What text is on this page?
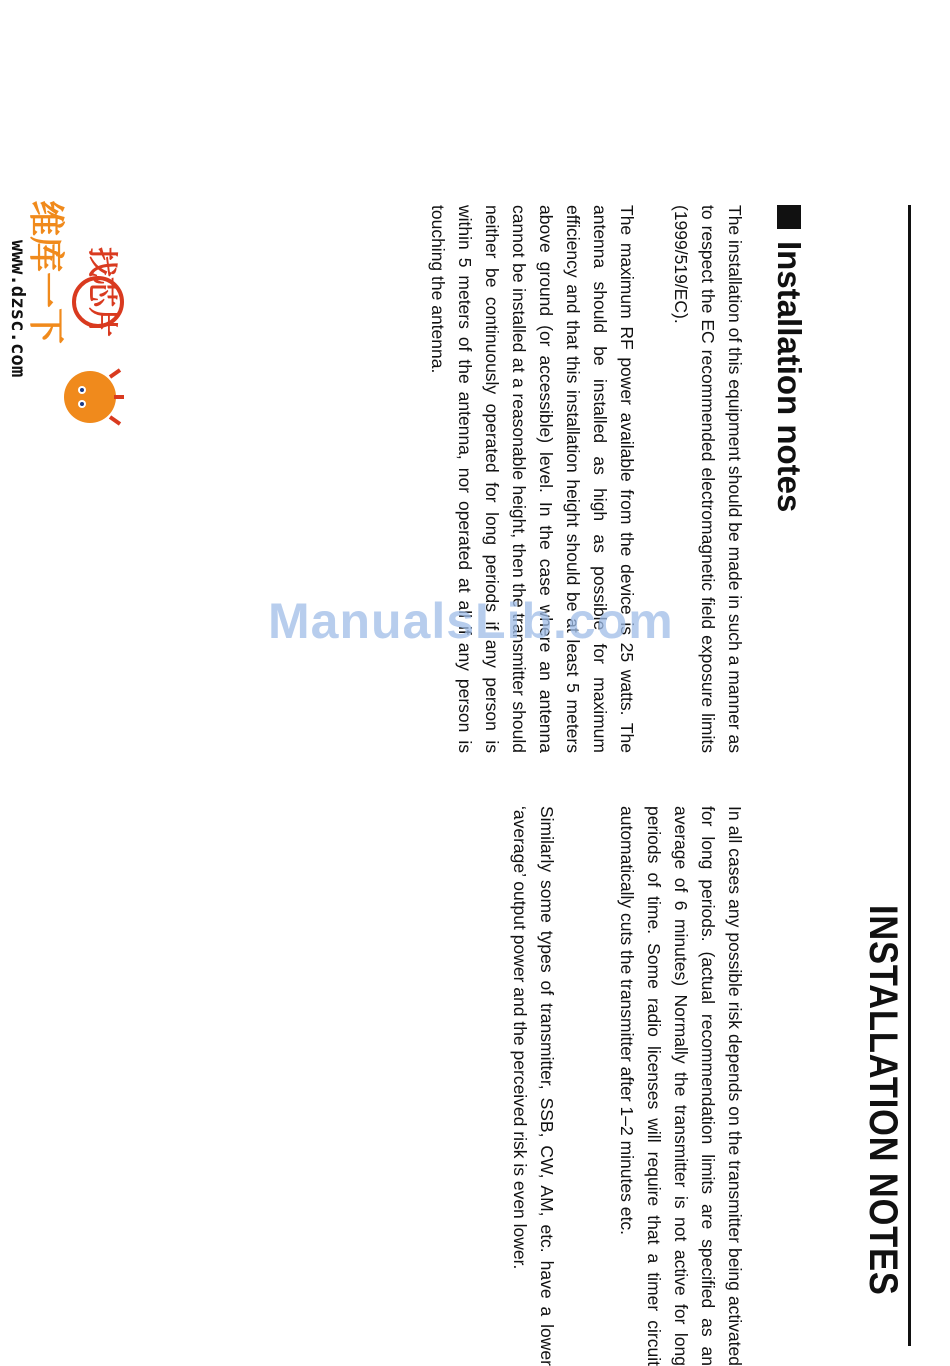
INSTALLATION NOTES
Installation notes

The installation of this equipment should be made in such a manner as to respect the EC recommended electromagnetic field exposure limits (1999/519/EC).

The maximum RF power available from the device is 25 watts. The antenna should be installed as high as possible for maximum efficiency and that this installation height should be at least 5 meters above ground (or accessible) level. In the case where an antenna cannot be installed at a reasonable height, then the transmitter should neither be continuously operated for long periods if any person is within 5 meters of the antenna, nor operated at all if any person is touching the antenna.

In all cases any possible risk depends on the transmitter being activated for long periods. (actual recommendation limits are specified as an average of 6 minutes) Normally the transmitter is not active for long periods of time. Some radio licenses will require that a timer circuit automatically cuts the transmitter after 1–2 minutes etc.

Similarly some types of transmitter, SSB, CW, AM, etc. have a lower ‘average’ output power and the perceived risk is even lower.

ManualsLib.com
找芯片
维库一下
www.dzsc.com
